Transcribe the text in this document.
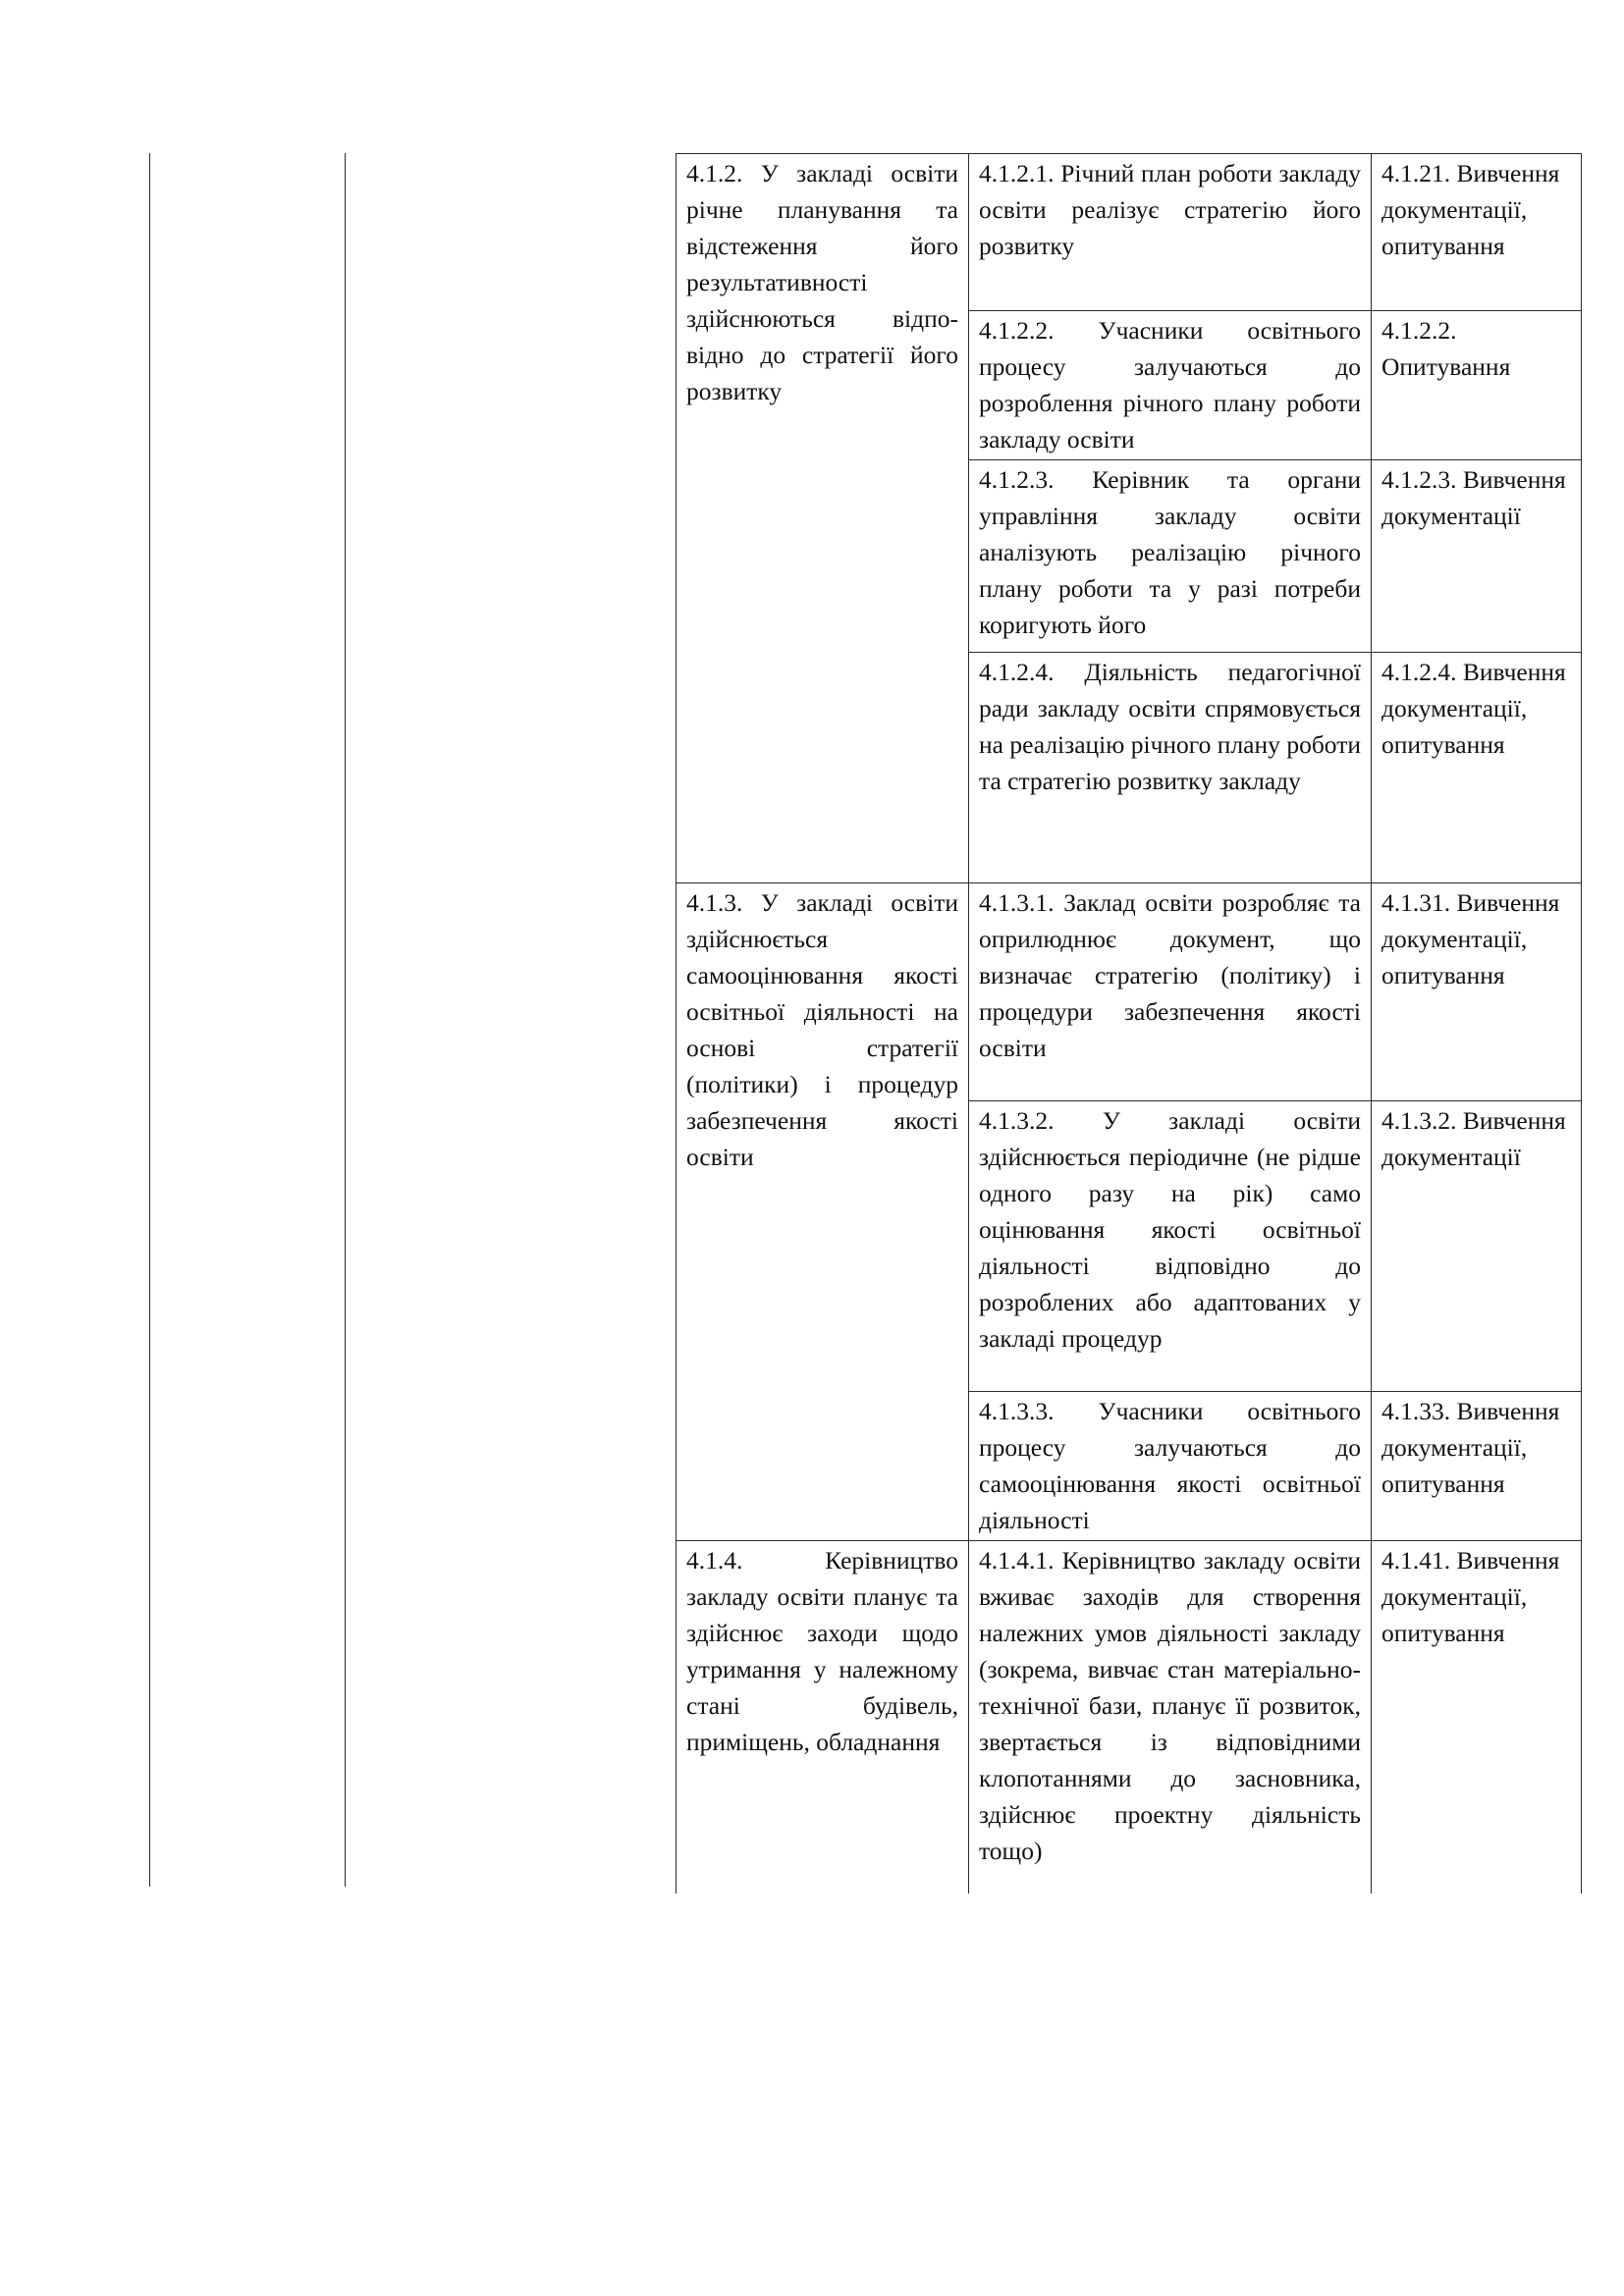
4.1.2. У закладі освіти річне планування та відстеження його результативності здійснюються відпо-відно до стратегії його розвитку	4.1.2.1. Річний план роботи закладу освіти реалізує стратегію його розвитку	4.1.21. Вивчення документації, опитування
	4.1.2.2. Учасники освітнього процесу залучаються до розроблення річного плану роботи закладу освіти	4.1.2.2. Опитування
	4.1.2.3. Керівник та органи управління закладу освіти аналізують реалізацію річного плану роботи та у разі потреби коригують його	4.1.2.3. Вивчення документації
	4.1.2.4. Діяльність педагогічної ради закладу освіти спрямовується на реалізацію річного плану роботи та стратегію розвитку закладу	4.1.2.4. Вивчення документації, опитування
4.1.3. У закладі освіти здійснюється самооцінювання якості освітньої діяльності на основі стратегії (політики) і процедур забезпечення якості освіти	4.1.3.1. Заклад освіти розробляє та оприлюднює документ, що визначає стратегію (політику) і процедури забезпечення якості освіти	4.1.31. Вивчення документації, опитування
	4.1.3.2. У закладі освіти здійснюється періодичне (не рідше одного разу на рік) само оцінювання якості освітньої діяльності відповідно до розроблених або адаптованих у закладі процедур	4.1.3.2. Вивчення документації
	4.1.3.3. Учасники освітнього процесу залучаються до самооцінювання якості освітньої діяльності	4.1.33. Вивчення документації, опитування
4.1.4. Керівництво закладу освіти планує та здійснює заходи щодо утримання у належному стані будівель, приміщень, обладнання	4.1.4.1. Керівництво закладу освіти вживає заходів для створення належних умов діяльності закладу (зокрема, вивчає стан матеріально-технічної бази, планує її розвиток, звертається із відповідними клопотаннями до засновника, здійснює проектну діяльність тощо)	4.1.41. Вивчення документації, опитування
